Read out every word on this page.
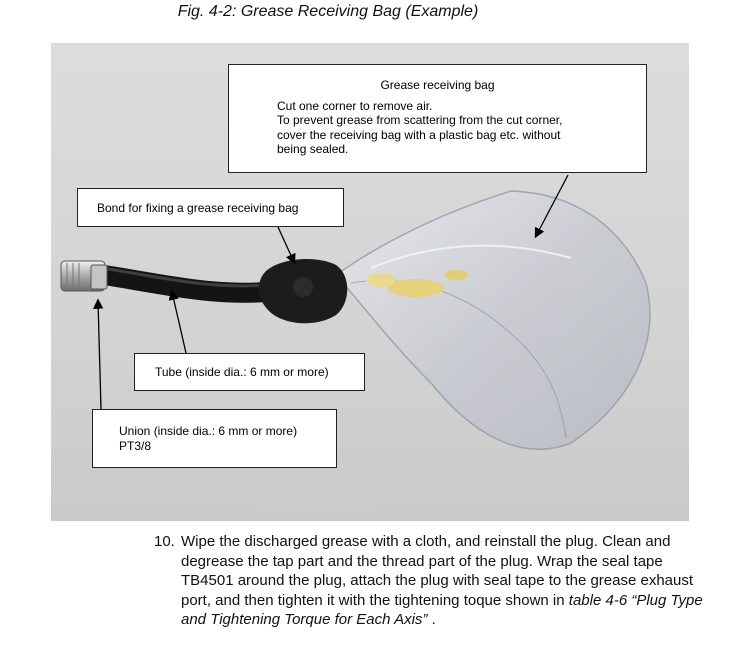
Fig. 4-2: Grease Receiving Bag (Example)
Grease receiving bag
Cut one corner to remove air.
To prevent grease from scattering from the cut corner,
cover the receiving bag with a plastic bag etc. without
being sealed.
Bond for fixing a grease receiving bag
Tube (inside dia.: 6 mm or more)
Union (inside dia.: 6 mm or more)
PT3/8
10. Wipe the discharged grease with a cloth, and reinstall the plug. Clean and degrease the tap part and the thread part of the plug. Wrap the seal tape TB4501 around the plug, attach the plug with seal tape to the grease exhaust port, and then tighten it with the tightening toque shown in table 4-6 “Plug Type and Tightening Torque for Each Axis” .
